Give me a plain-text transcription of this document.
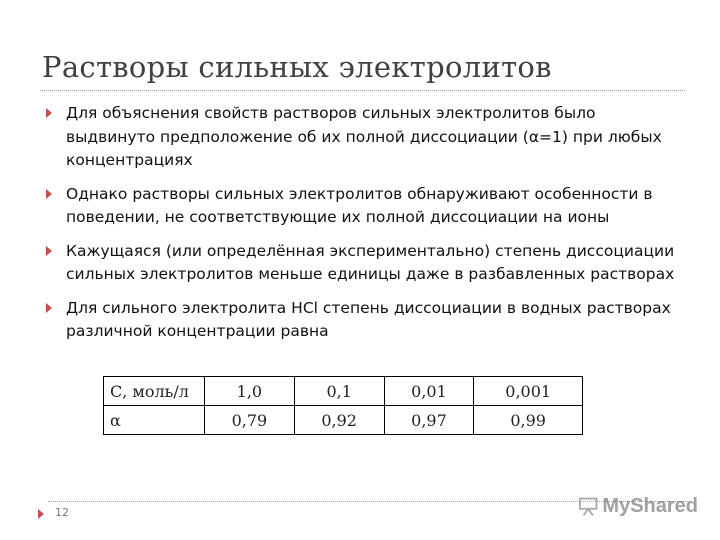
Растворы сильных электролитов
Для объяснения свойств растворов сильных электролитов было выдвинуто предположение об их полной диссоциации (α=1) при любых концентрациях
Однако растворы сильных электролитов обнаруживают особенности в поведении, не соответствующие их полной диссоциации на ионы
Кажущаяся (или определённая экспериментально) степень диссоциации сильных электролитов меньше единицы даже в разбавленных растворах
Для сильного электролита HCl степень диссоциации в водных растворах различной концентрации равна
С, моль/л	1,0	0,1	0,01	0,001
α	0,79	0,92	0,97	0,99
12	MyShared
